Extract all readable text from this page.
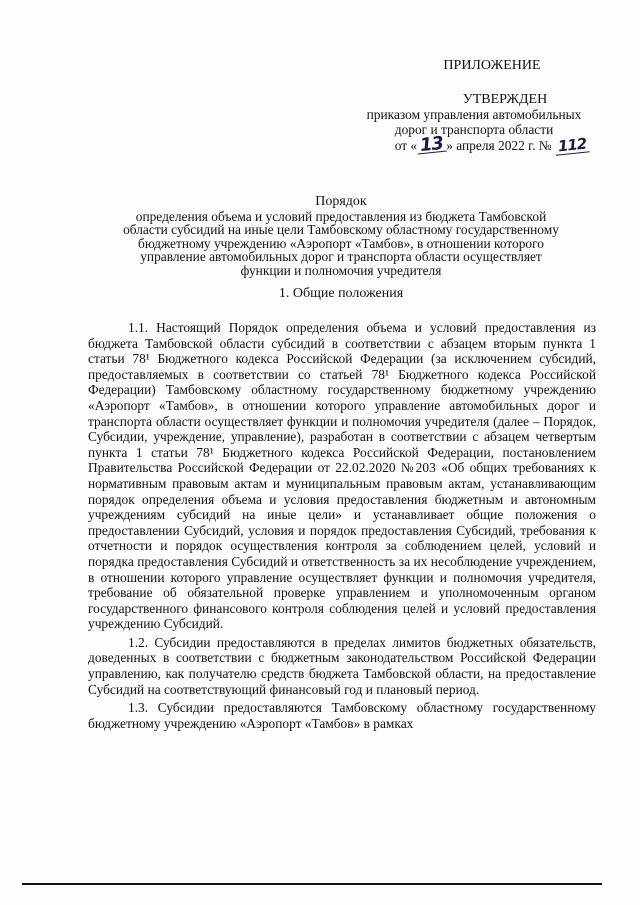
ПРИЛОЖЕНИЕ
УТВЕРЖДЕН
приказом управления автомобильных
дорог и транспорта области
от « 13 » апреля 2022 г. № 112
Порядок
определения объема и условий предоставления из бюджета Тамбовской
области субсидий на иные цели Тамбовскому областному государственному
бюджетному учреждению «Аэропорт «Тамбов», в отношении которого
управление автомобильных дорог и транспорта области осуществляет
функции и полномочия учредителя
1. Общие положения

1.1. Настоящий Порядок определения объема и условий предоставления из бюджета Тамбовской области субсидий в соответствии с абзацем вторым пункта 1 статьи 78¹ Бюджетного кодекса Российской Федерации (за исключением субсидий, предоставляемых в соответствии со статьей 78¹ Бюджетного кодекса Российской Федерации) Тамбовскому областному государственному бюджетному учреждению «Аэропорт «Тамбов», в отношении которого управление автомобильных дорог и транспорта области осуществляет функции и полномочия учредителя (далее – Порядок, Субсидии, учреждение, управление), разработан в соответствии с абзацем четвертым пункта 1 статьи 78¹ Бюджетного кодекса Российской Федерации, постановлением Правительства Российской Федерации от 22.02.2020 №203 «Об общих требованиях к нормативным правовым актам и муниципальным правовым актам, устанавливающим порядок определения объема и условия предоставления бюджетным и автономным учреждениям субсидий на иные цели» и устанавливает общие положения о предоставлении Субсидий, условия и порядок предоставления Субсидий, требования к отчетности и порядок осуществления контроля за соблюдением целей, условий и порядка предоставления Субсидий и ответственность за их несоблюдение учреждением, в отношении которого управление осуществляет функции и полномочия учредителя, требование об обязательной проверке управлением и уполномоченным органом государственного финансового контроля соблюдения целей и условий предоставления учреждению Субсидий.

1.2. Субсидии предоставляются в пределах лимитов бюджетных обязательств, доведенных в соответствии с бюджетным законодательством Российской Федерации управлению, как получателю средств бюджета Тамбовской области, на предоставление Субсидий на соответствующий финансовый год и плановый период.

1.3. Субсидии предоставляются Тамбовскому областному государственному бюджетному учреждению «Аэропорт «Тамбов» в рамках
